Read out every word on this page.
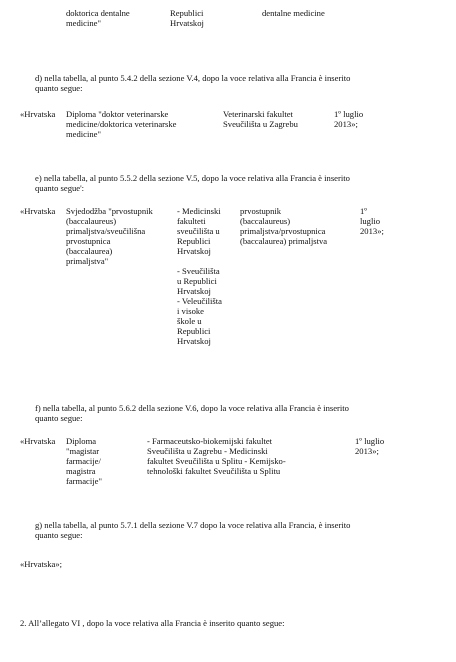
doktorica dentalne
medicine"
Republici
Hrvatskoj
dentalne medicine
d) nella tabella, al punto 5.4.2 della sezione V.4, dopo la voce relativa alla Francia è inserito
quanto segue:
«Hrvatska Diploma "doktor veterinarske
medicine/doktorica veterinarske
medicine"
Veterinarski fakultet
Sveučilišta u Zagrebu
1º luglio
2013»;
e) nella tabella, al punto 5.5.2 della sezione V.5, dopo la voce relativa alla Francia è inserito
quanto segue':
«Hrvatska Svjedodžba "prvostupnik
(baccalaureus)
primaljstva/sveučilišna
prvostupnica
(baccalaurea)
primaljstva"
- Medicinski
fakulteti
sveučilišta u
Republici
Hrvatskoj

- Sveučilišta
u Republici
Hrvatskoj
- Veleučilišta
i visoke
škole u
Republici
Hrvatskoj
prvostupnik
(baccalaureus)
primaljstva/prvostupnica
(baccalaurea) primaljstva
1º
luglio
2013»;
f) nella tabella, al punto 5.6.2 della sezione V.6, dopo la voce relativa alla Francia è inserito
quanto segue:
«Hrvatska Diploma
"magistar
farmacije/
magistra
farmacije"
- Farmaceutsko-biokemijski fakultet
Sveučilišta u Zagrebu - Medicinski
fakultet Sveučilišta u Splitu - Kemijsko-
tehnološki fakultet Sveučilišta u Splitu
1º luglio
2013»;
g) nella tabella, al punto 5.7.1 della sezione V.7 dopo la voce relativa alla Francia, è inserito
quanto segue:
«Hrvatska»;
2. All’allegato VI , dopo la voce relativa alla Francia è inserito quanto segue:
